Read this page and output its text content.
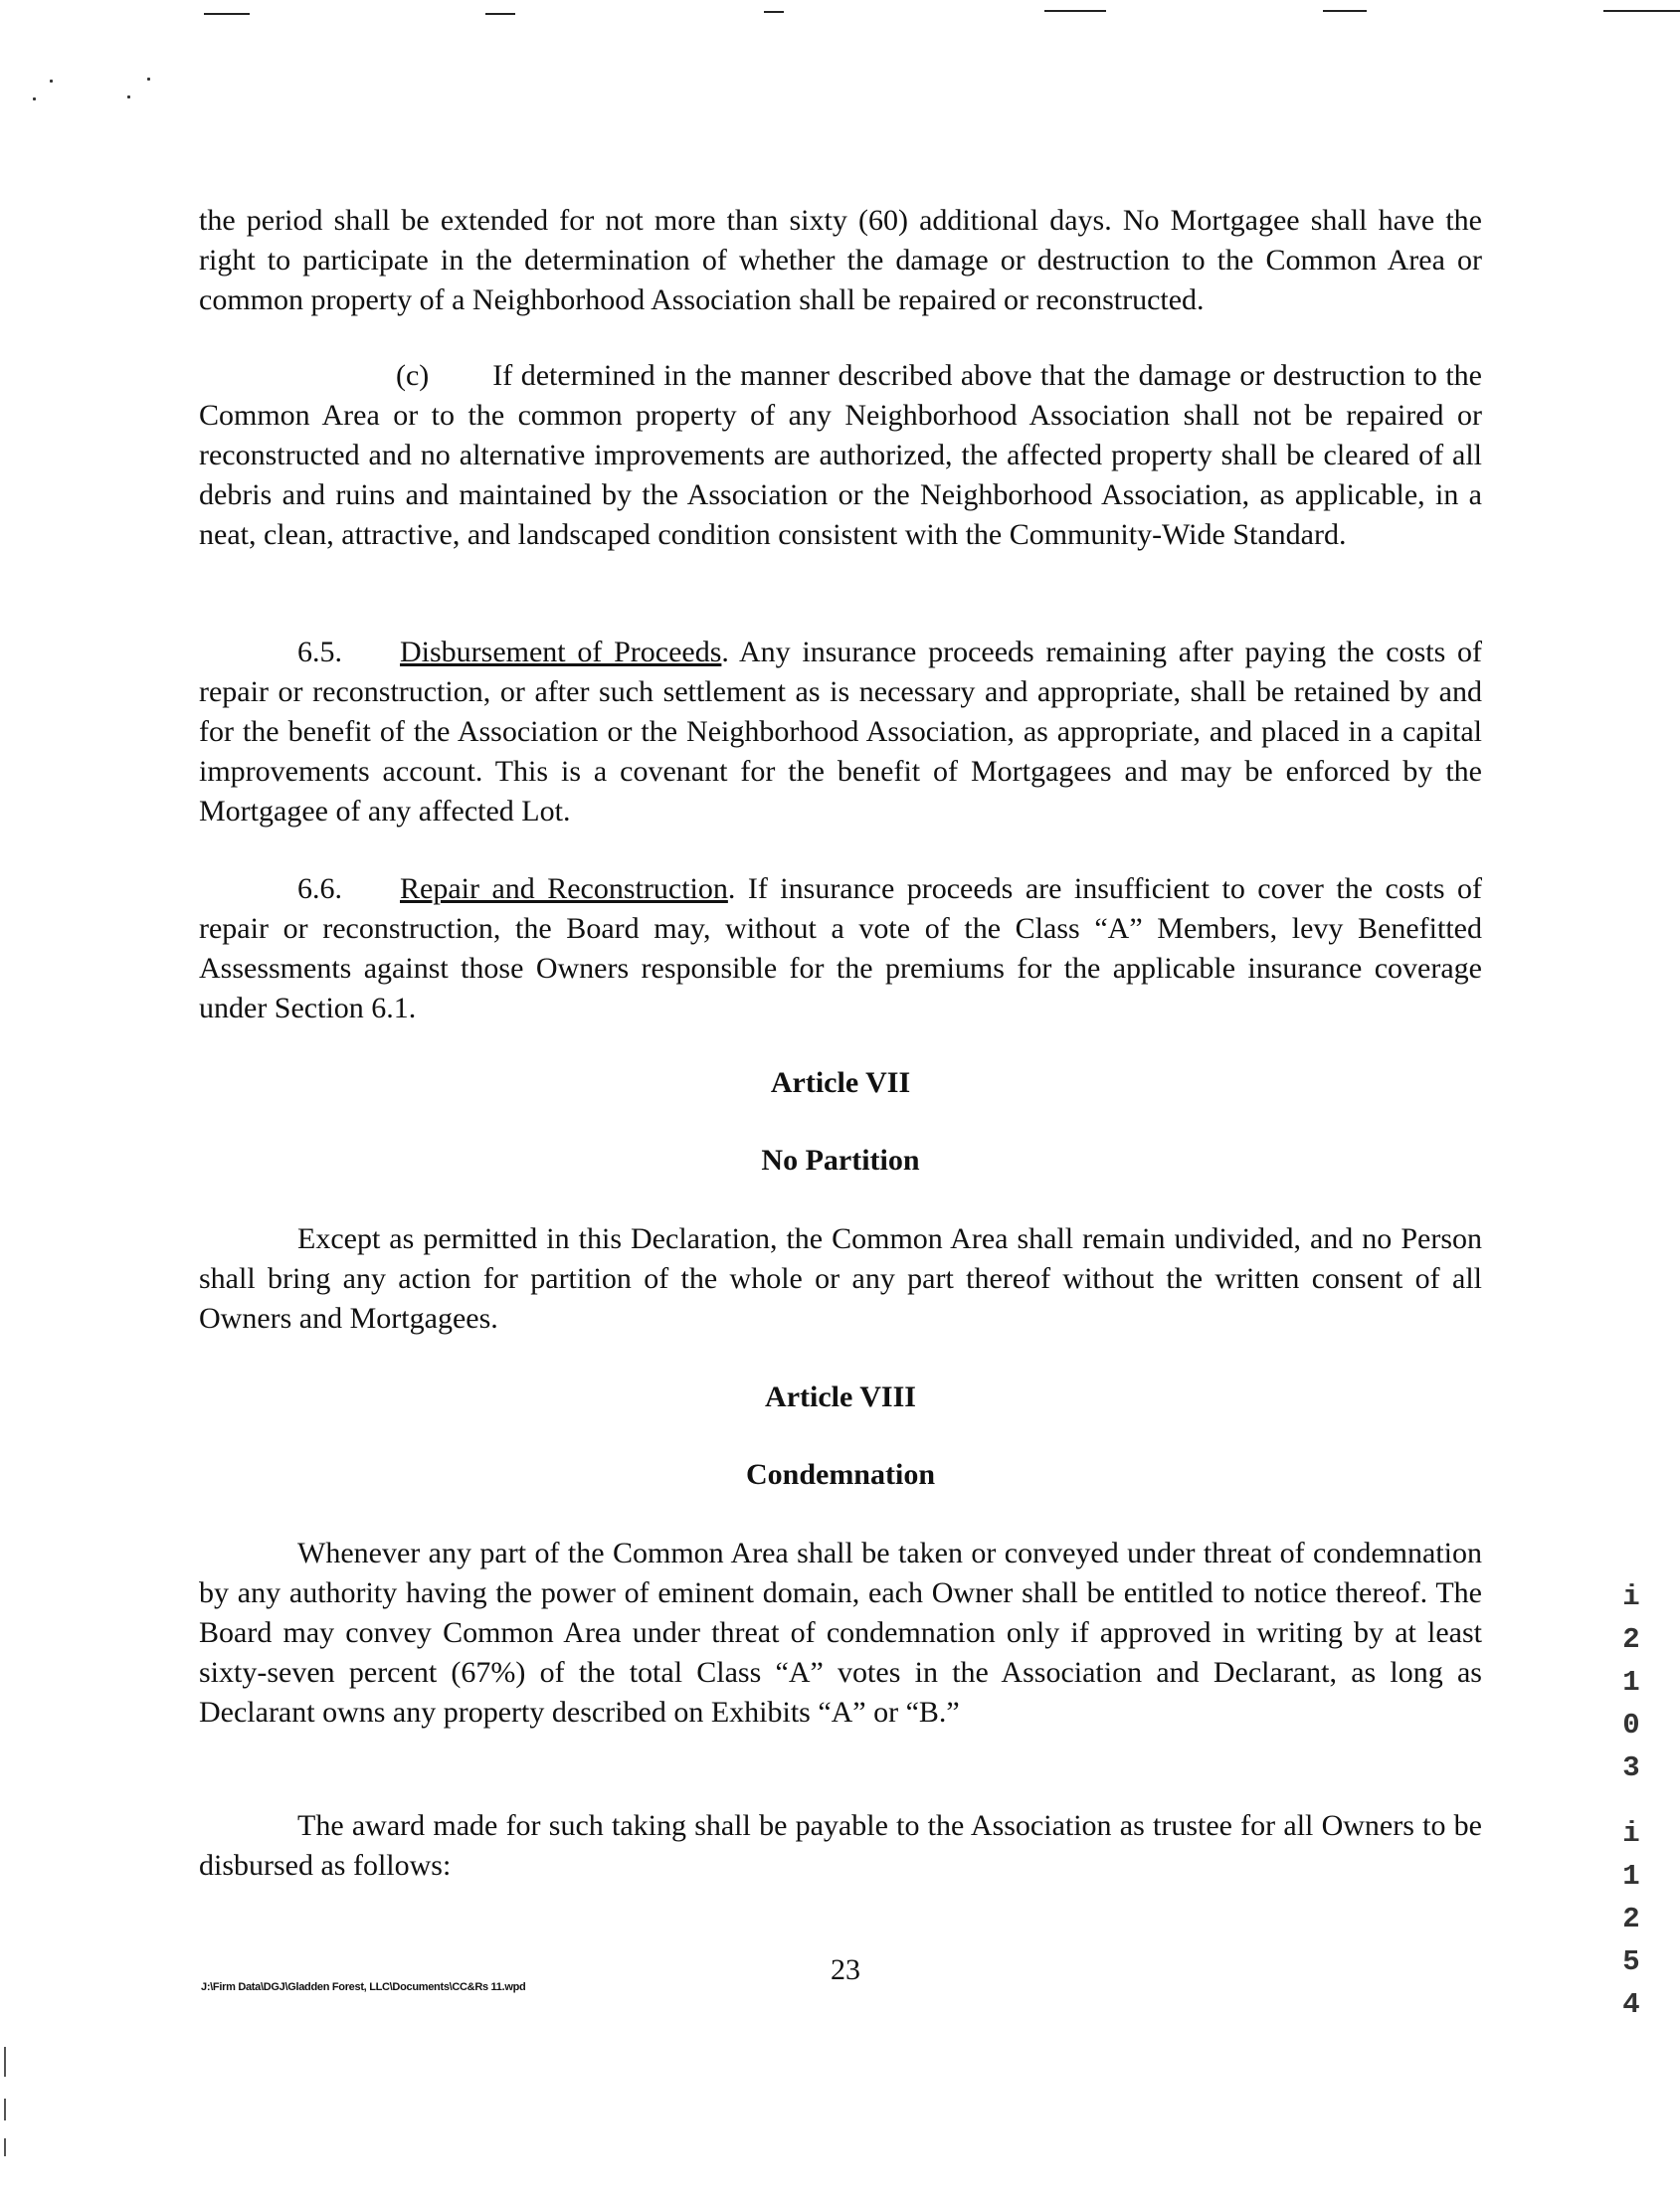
the period shall be extended for not more than sixty (60) additional days. No Mortgagee shall have the right to participate in the determination of whether the damage or destruction to the Common Area or common property of a Neighborhood Association shall be repaired or reconstructed.

(c) If determined in the manner described above that the damage or destruction to the Common Area or to the common property of any Neighborhood Association shall not be repaired or reconstructed and no alternative improvements are authorized, the affected property shall be cleared of all debris and ruins and maintained by the Association or the Neighborhood Association, as applicable, in a neat, clean, attractive, and landscaped condition consistent with the Community-Wide Standard.

6.5. Disbursement of Proceeds. Any insurance proceeds remaining after paying the costs of repair or reconstruction, or after such settlement as is necessary and appropriate, shall be retained by and for the benefit of the Association or the Neighborhood Association, as appropriate, and placed in a capital improvements account. This is a covenant for the benefit of Mortgagees and may be enforced by the Mortgagee of any affected Lot.

6.6. Repair and Reconstruction. If insurance proceeds are insufficient to cover the costs of repair or reconstruction, the Board may, without a vote of the Class “A” Members, levy Benefitted Assessments against those Owners responsible for the premiums for the applicable insurance coverage under Section 6.1.

Article VII
No Partition

Except as permitted in this Declaration, the Common Area shall remain undivided, and no Person shall bring any action for partition of the whole or any part thereof without the written consent of all Owners and Mortgagees.

Article VIII
Condemnation

Whenever any part of the Common Area shall be taken or conveyed under threat of condemnation by any authority having the power of eminent domain, each Owner shall be entitled to notice thereof. The Board may convey Common Area under threat of condemnation only if approved in writing by at least sixty-seven percent (67%) of the total Class “A” votes in the Association and Declarant, as long as Declarant owns any property described on Exhibits “A” or “B.”

The award made for such taking shall be payable to the Association as trustee for all Owners to be disbursed as follows:

23
J:\Firm Data\DGJ\Gladden Forest, LLC\Documents\CC&Rs 11.wpd
i
2
1
0
3
i
1
2
5
4
